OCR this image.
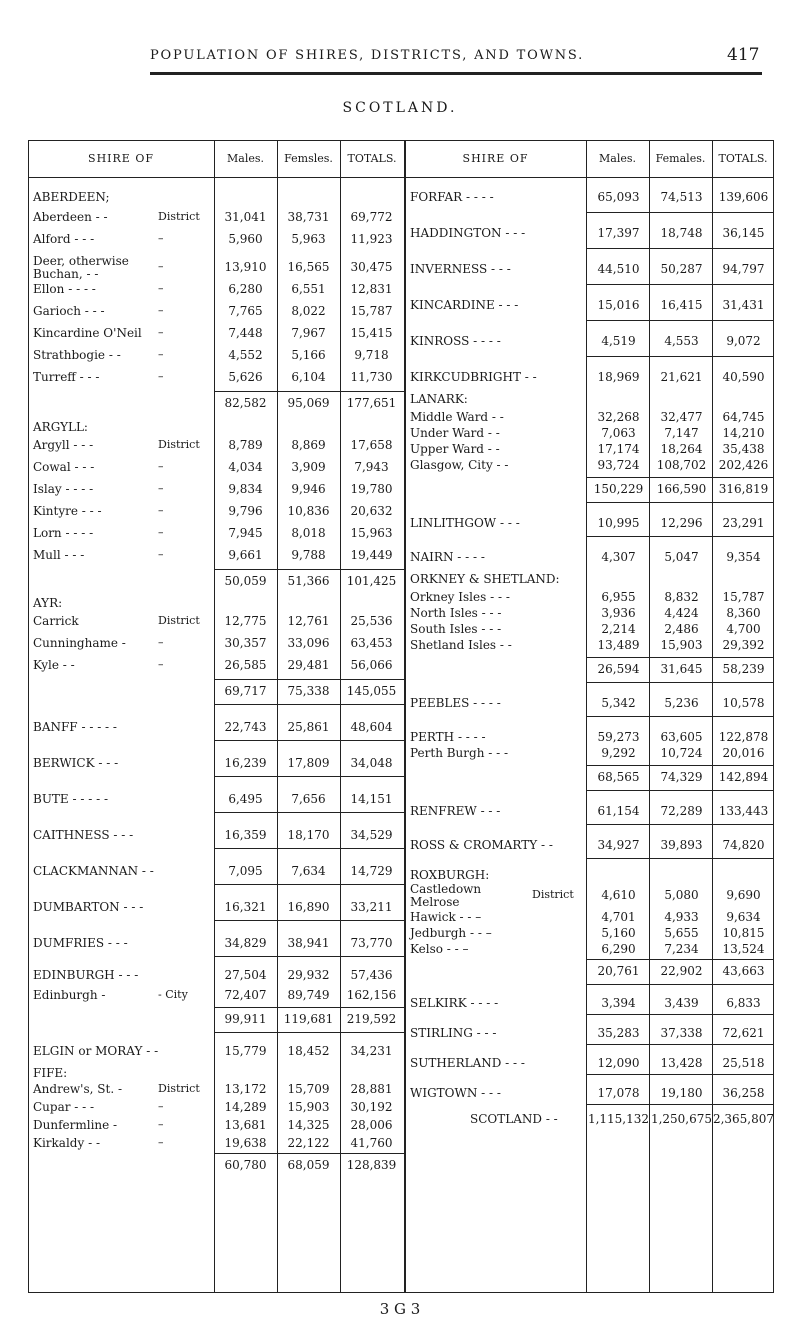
POPULATION OF SHIRES, DISTRICTS, AND TOWNS.	417
SCOTLAND.
SHIRE OF	Males.	Femsles.	TOTALS.	SHIRE OF	Males.	Females.	TOTALS.
ABERDEEN;
Aberdeen - -	District	31,041	38,731	69,772
Alford - - -	–	5,960	5,963	11,923
Deer, otherwise
Buchan, - -
–	13,910	16,565	30,475
Ellon - - - -	–	6,280	6,551	12,831
Garioch - - -	–	7,765	8,022	15,787
Kincardine O'Neil –	7,448	7,967	15,415
Strathbogie - -	–	4,552	5,166	9,718
Turreff - - -	–	5,626	6,104	11,730
82,582	95,069	177,651
ARGYLL:
Argyll - - -	District	8,789	8,869	17,658
Cowal - - -	–	4,034	3,909	7,943
Islay - - - -	–	9,834	9,946	19,780
Kintyre - - -	–	9,796	10,836	20,632
Lorn - - - -	–	7,945	8,018	15,963
Mull - - -	–	9,661	9,788	19,449
50,059	51,366	101,425
AYR:
Carrick	District	12,775	12,761	25,536
Cunninghame -	–	30,357	33,096	63,453
Kyle - -	–	26,585	29,481	56,066
69,717	75,338	145,055
BANFF - - - - -	22,743	25,861	48,604
BERWICK - - -	16,239	17,809	34,048
BUTE - - - - -	6,495	7,656	14,151
CAITHNESS - - -	16,359	18,170	34,529
CLACKMANNAN - -	7,095	7,634	14,729
DUMBARTON - - -	16,321	16,890	33,211
DUMFRIES - - -	34,829	38,941	73,770
EDINBURGH - - -	27,504	29,932	57,436
Edinburgh -	- City	72,407	89,749	162,156
99,911	119,681	219,592
ELGIN or MORAY - -	15,779	18,452	34,231
FIFE:
Andrew's, St. -	District	13,172	15,709	28,881
Cupar - - -	–	14,289	15,903	30,192
Dunfermline -	–	13,681	14,325	28,006
Kirkaldy - -	–	19,638	22,122	41,760
60,780	68,059	128,839
FORFAR - - - -	65,093	74,513	139,606
HADDINGTON - - -	17,397	18,748	36,145
INVERNESS - - -	44,510	50,287	94,797
KINCARDINE - - -	15,016	16,415	31,431
KINROSS - - - -	4,519	4,553	9,072
KIRKCUDBRIGHT - -	18,969	21,621	40,590
LANARK:
Middle Ward - -	32,268	32,477	64,745
Under Ward - -	7,063	7,147	14,210
Upper Ward - -	17,174	18,264	35,438
Glasgow, City - -	93,724	108,702	202,426
150,229	166,590	316,819
LINLITHGOW - - -	10,995	12,296	23,291
NAIRN - - - -	4,307	5,047	9,354
ORKNEY & SHETLAND:
Orkney Isles - - -	6,955	8,832	15,787
North Isles - - -	3,936	4,424	8,360
South Isles - - -	2,214	2,486	4,700
Shetland Isles - -	13,489	15,903	29,392
26,594	31,645	58,239
PEEBLES - - - -	5,342	5,236	10,578
PERTH - - - -	59,273	63,605	122,878
Perth Burgh - - -	9,292	10,724	20,016
68,565	74,329	142,894
RENFREW - - -	61,154	72,289	133,443
ROSS & CROMARTY - -	34,927	39,893	74,820
ROXBURGH:
Castledown
Melrose
District	4,610	5,080	9,690
Hawick - - –	4,701	4,933	9,634
Jedburgh - - –	5,160	5,655	10,815
Kelso - - –	6,290	7,234	13,524
20,761	22,902	43,663
SELKIRK - - - -	3,394	3,439	6,833
STIRLING - - -	35,283	37,338	72,621
SUTHERLAND - - -	12,090	13,428	25,518
WIGTOWN - - -	17,078	19,180	36,258
SCOTLAND - -	1,115,132 1,250,675 2,365,807
3 G 3
